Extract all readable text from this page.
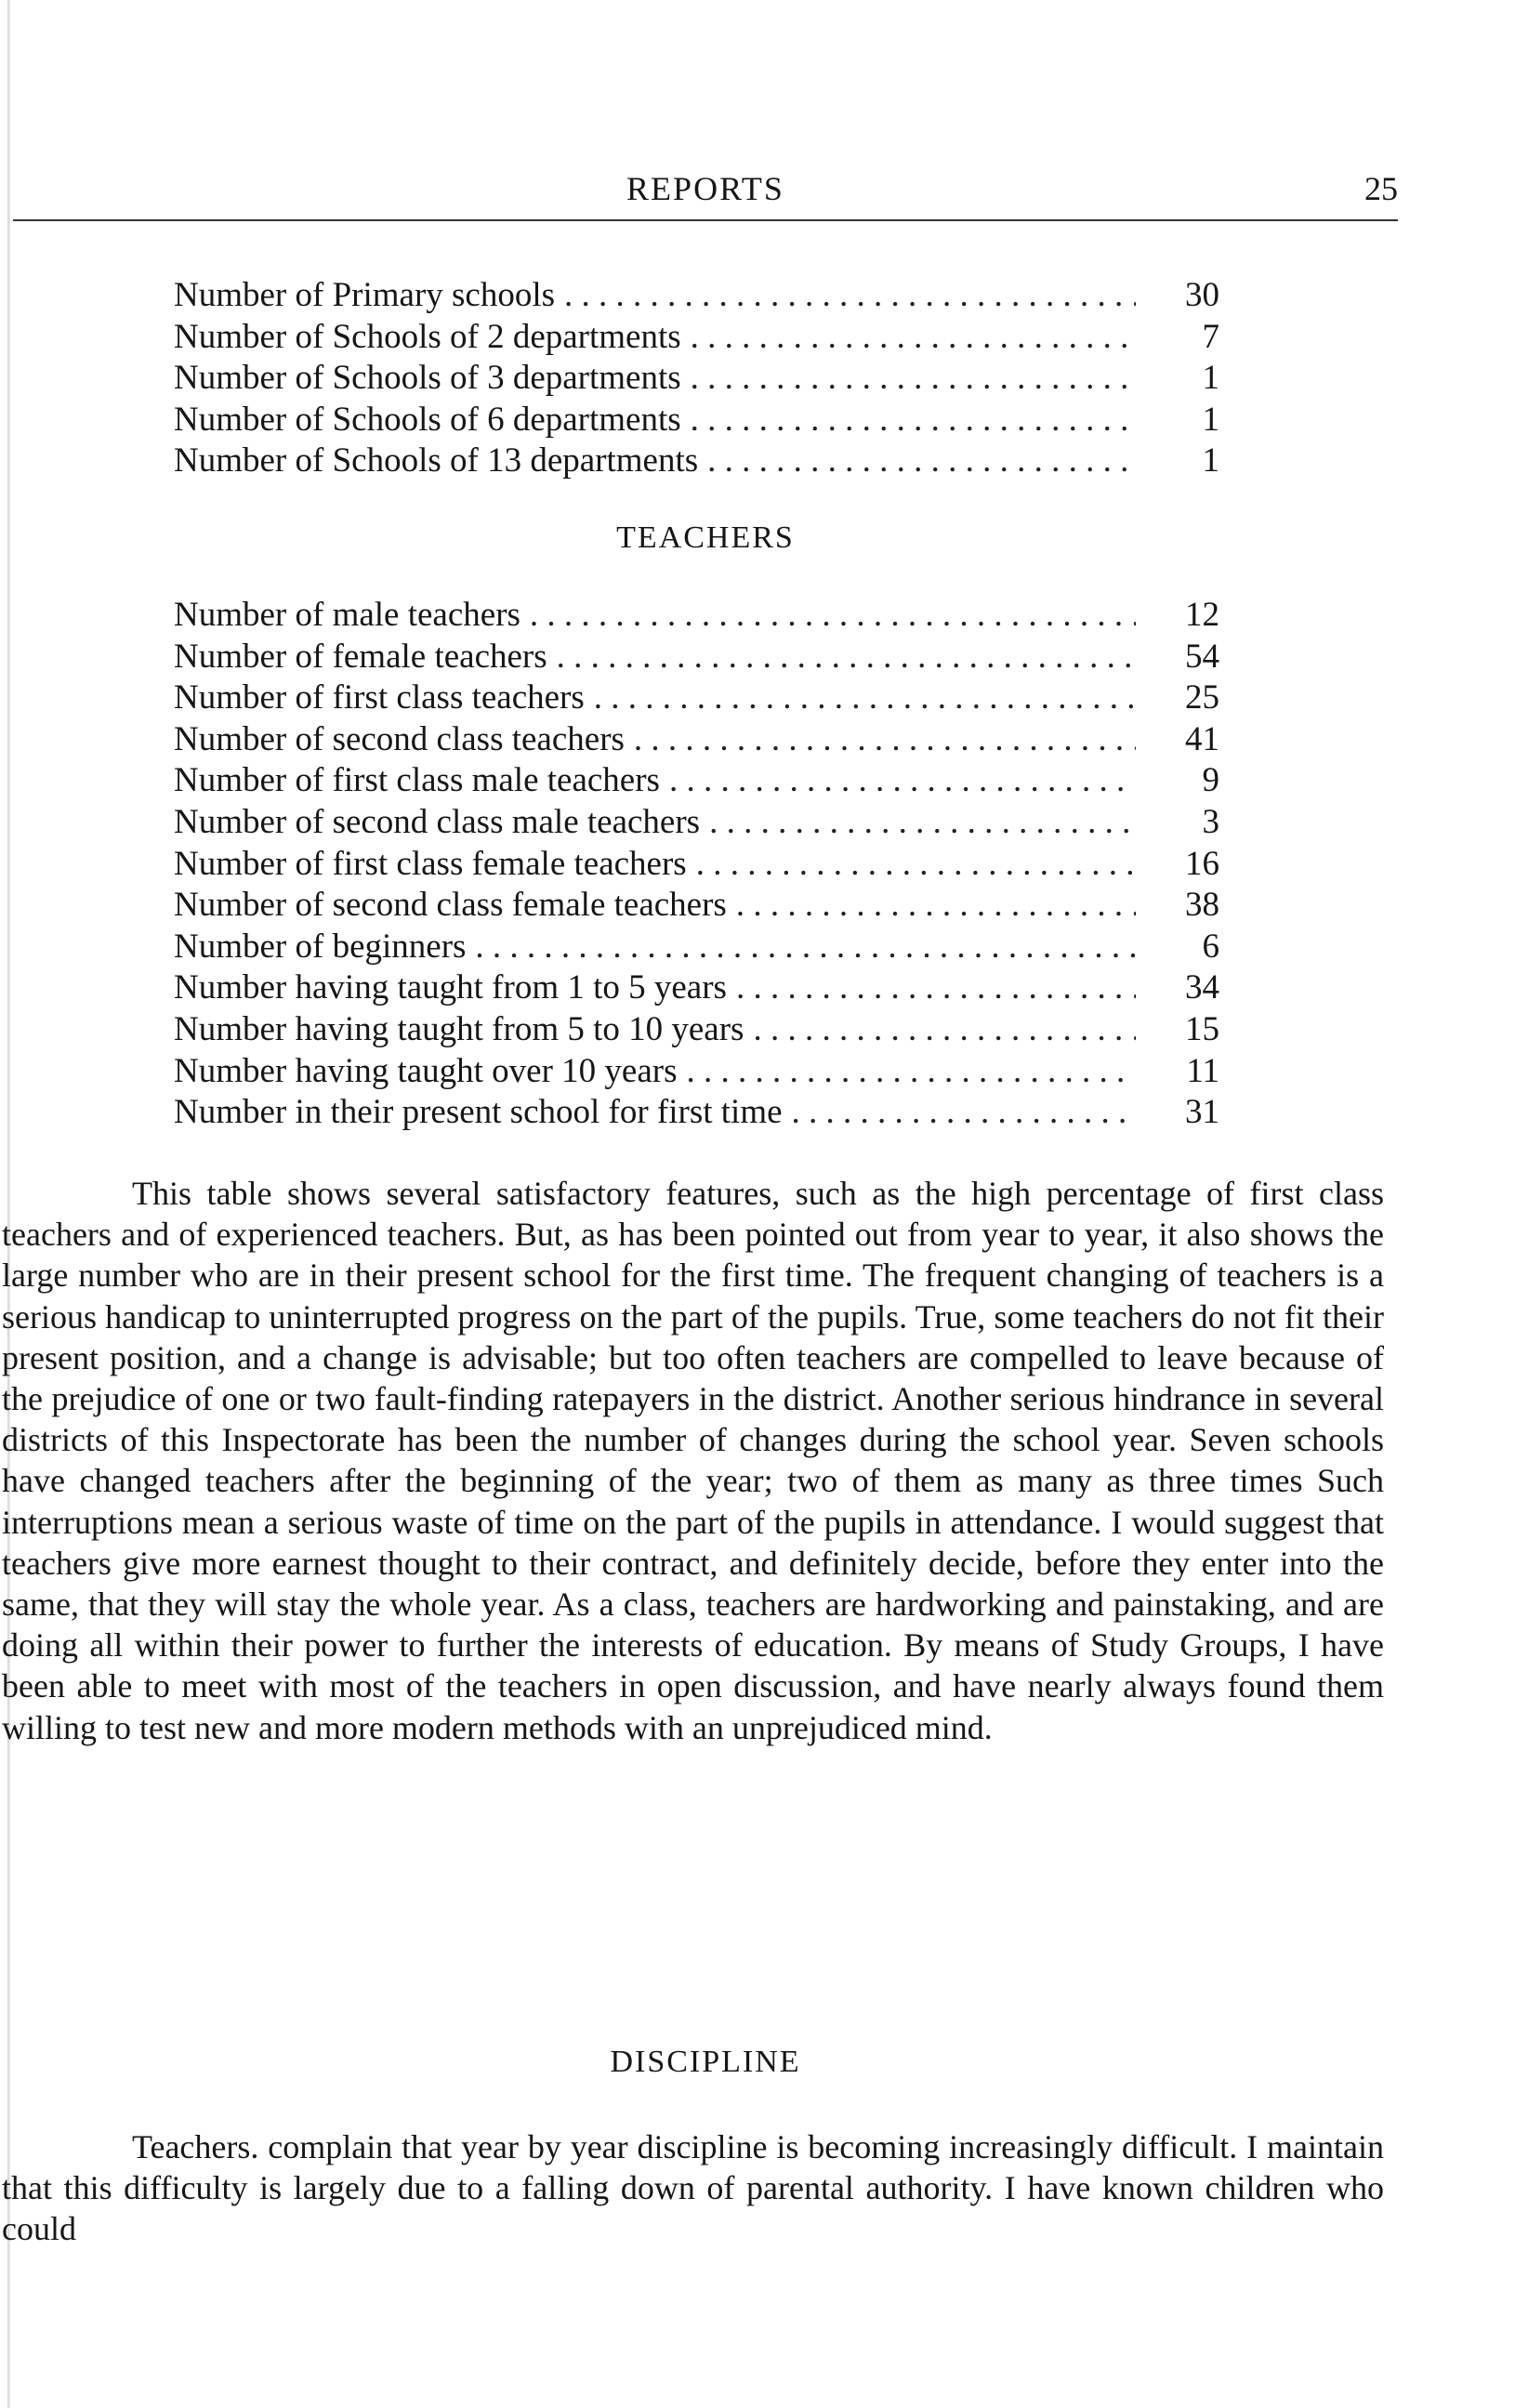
REPORTS	25
Number of Primary schools . . .	30
Number of Schools of 2 departments . . .	7
Number of Schools of 3 departments . . .	1
Number of Schools of 6 departments . . .	1
Number of Schools of 13 departments . . .	1
TEACHERS
Number of male teachers . . .	12
Number of female teachers . . .	54
Number of first class teachers . . .	25
Number of second class teachers . . .	41
Number of first class male teachers . . .	9
Number of second class male teachers . . .	3
Number of first class female teachers . . .	16
Number of second class female teachers . . .	38
Number of beginners . . .	6
Number having taught from 1 to 5 years . . .	34
Number having taught from 5 to 10 years . . .	15
Number having taught over 10 years . . .	11
Number in their present school for first time . . .	31

This table shows several satisfactory features, such as the high percentage of first class teachers and of experienced teachers. But, as has been pointed out from year to year, it also shows the large number who are in their present school for the first time. The frequent changing of teachers is a serious handicap to uninterrupted progress on the part of the pupils. True, some teachers do not fit their present position, and a change is advisable; but too often teachers are compelled to leave because of the prejudice of one or two fault-finding ratepayers in the district. Another serious hindrance in several districts of this Inspectorate has been the number of changes during the school year. Seven schools have changed teachers after the beginning of the year; two of them as many as three times Such interruptions mean a serious waste of time on the part of the pupils in attendance. I would suggest that teachers give more earnest thought to their contract, and definitely decide, before they enter into the same, that they will stay the whole year. As a class, teachers are hardworking and painstaking, and are doing all within their power to further the interests of education. By means of Study Groups, I have been able to meet with most of the teachers in open discussion, and have nearly always found them willing to test new and more modern methods with an unprejudiced mind.

DISCIPLINE

Teachers. complain that year by year discipline is becoming increasingly difficult. I maintain that this difficulty is largely due to a falling down of parental authority. I have known children who could
